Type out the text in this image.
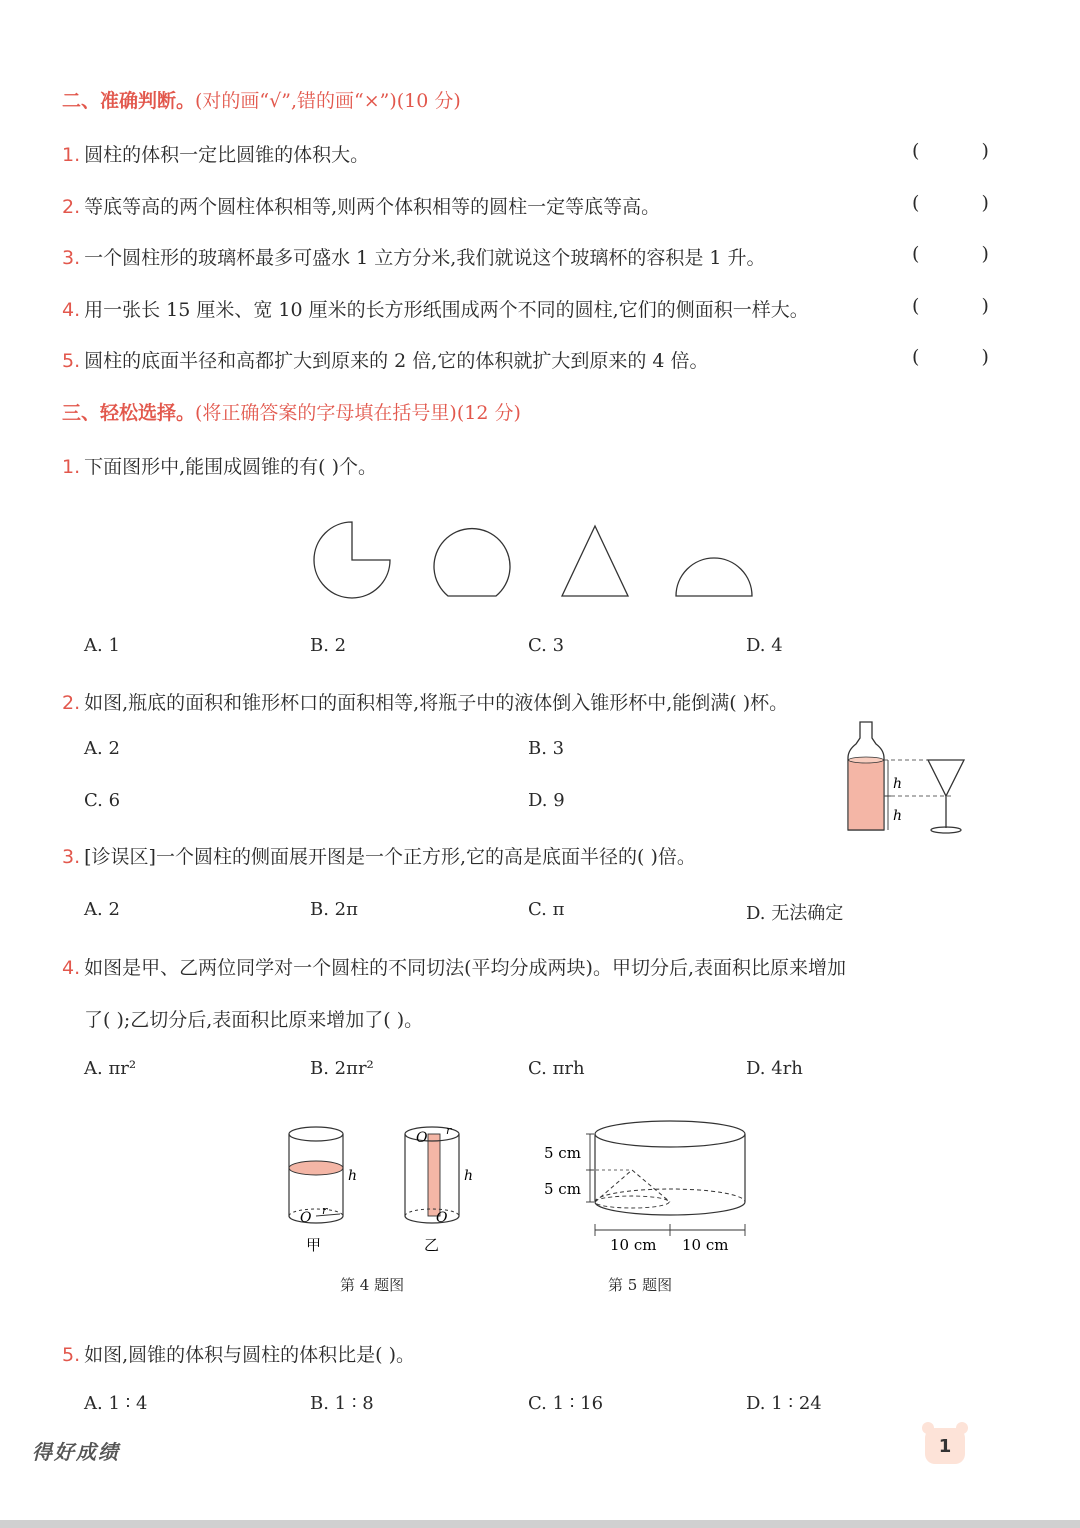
二、准确判断。(对的画“√”,错的画“×”)(10 分)
1. 圆柱的体积一定比圆锥的体积大。	( )
2. 等底等高的两个圆柱体积相等,则两个体积相等的圆柱一定等底等高。	( )
3. 一个圆柱形的玻璃杯最多可盛水 1 立方分米,我们就说这个玻璃杯的容积是 1 升。	( )
4. 用一张长 15 厘米、宽 10 厘米的长方形纸围成两个不同的圆柱,它们的侧面积一样大。	( )
5. 圆柱的底面半径和高都扩大到原来的 2 倍,它的体积就扩大到原来的 4 倍。	( )
三、轻松选择。(将正确答案的字母填在括号里)(12 分)
1. 下面图形中,能围成圆锥的有( )个。
A. 1	B. 2	C. 3	D. 4
2. 如图,瓶底的面积和锥形杯口的面积相等,将瓶子中的液体倒入锥形杯中,能倒满( )杯。
A. 2	B. 3
C. 6	D. 9
h
h
3. [诊误区]一个圆柱的侧面展开图是一个正方形,它的高是底面半径的( )倍。
A. 2	B. 2π	C. π	D. 无法确定
4. 如图是甲、乙两位同学对一个圆柱的不同切法(平均分成两块)。甲切分后,表面积比原来增加
了( );乙切分后,表面积比原来增加了( )。
A. πr²	B. 2πr²	C. πrh	D. 4rh
h
O r
h
O
O
r
甲	乙
第 4 题图
5 cm
5 cm
10 cm 10 cm
第 5 题图
5. 如图,圆锥的体积与圆柱的体积比是( )。
A. 1 ∶ 4	B. 1 ∶ 8	C. 1 ∶ 16	D. 1 ∶ 24
得好成绩	1
